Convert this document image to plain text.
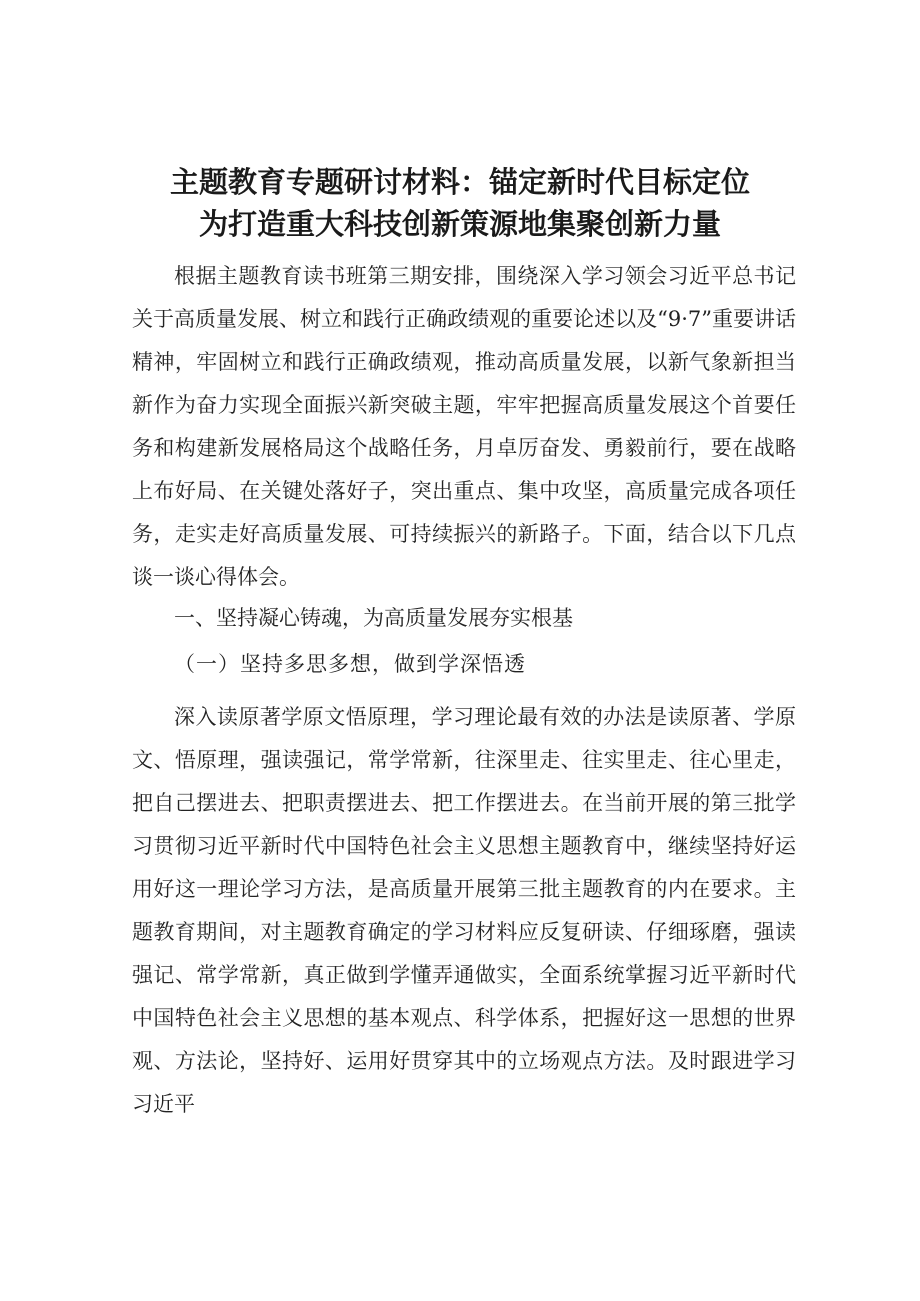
主题教育专题研讨材料：锚定新时代目标定位
为打造重大科技创新策源地集聚创新力量

根据主题教育读书班第三期安排，围绕深入学习领会习近平总书记关于高质量发展、树立和践行正确政绩观的重要论述以及“9·7”重要讲话精神，牢固树立和践行正确政绩观，推动高质量发展，以新气象新担当新作为奋力实现全面振兴新突破主题，牢牢把握高质量发展这个首要任务和构建新发展格局这个战略任务，月卓厉奋发、勇毅前行，要在战略上布好局、在关键处落好子，突出重点、集中攻坚，高质量完成各项任务，走实走好高质量发展、可持续振兴的新路子。下面，结合以下几点谈一谈心得体会。

一、坚持凝心铸魂，为高质量发展夯实根基
（一）坚持多思多想，做到学深悟透

深入读原著学原文悟原理，学习理论最有效的办法是读原著、学原文、悟原理，强读强记，常学常新，往深里走、往实里走、往心里走，把自己摆进去、把职责摆进去、把工作摆进去。在当前开展的第三批学习贯彻习近平新时代中国特色社会主义思想主题教育中，继续坚持好运用好这一理论学习方法，是高质量开展第三批主题教育的内在要求。主题教育期间，对主题教育确定的学习材料应反复研读、仔细琢磨，强读强记、常学常新，真正做到学懂弄通做实，全面系统掌握习近平新时代中国特色社会主义思想的基本观点、科学体系，把握好这一思想的世界观、方法论，坚持好、运用好贯穿其中的立场观点方法。及时跟进学习习近平
